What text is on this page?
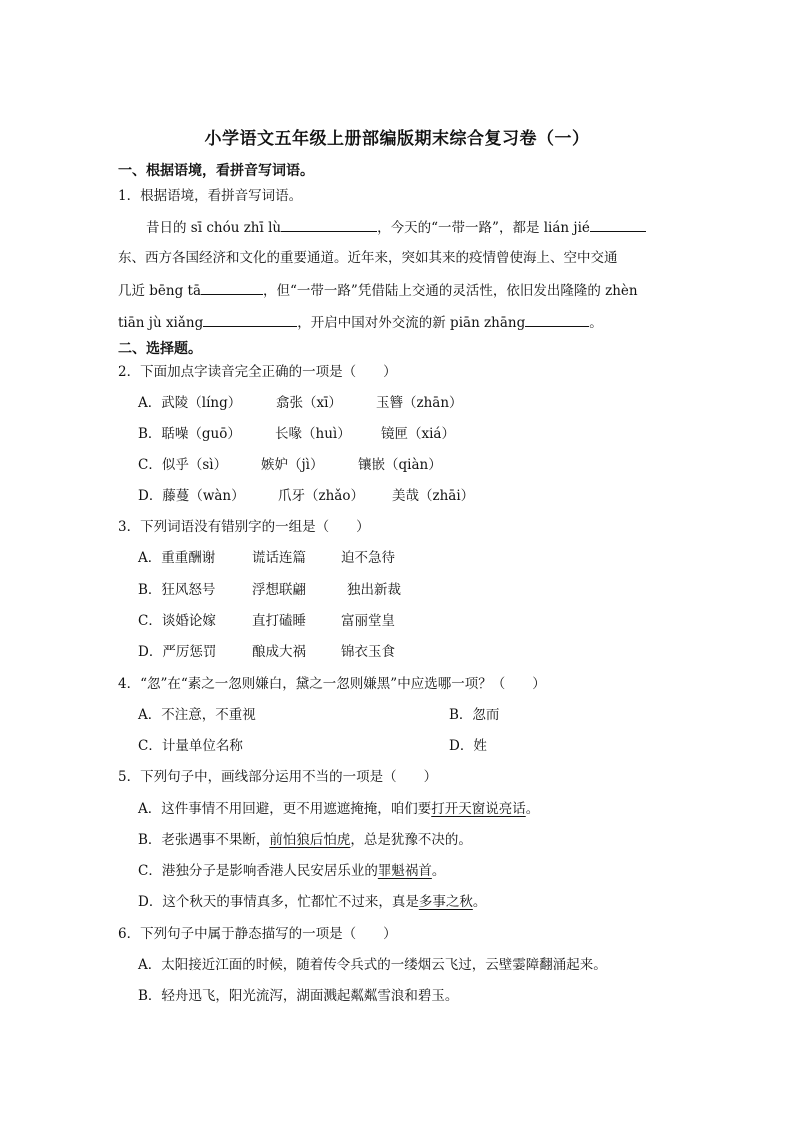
小学语文五年级上册部编版期末综合复习卷（一）
一、根据语境，看拼音写词语。
1．根据语境，看拼音写词语。
昔日的 sī chóu zhī lù	，今天的“一带一路”，都是 lián jié
东、西方各国经济和文化的重要通道。近年来，突如其来的疫情曾使海上、空中交通
几近 bēng tā	，但“一带一路”凭借陆上交通的灵活性，依旧发出隆隆的 zhèn
tiān jù xiǎng	，开启中国对外交流的新 piān zhāng	。
二、选择题。
2．下面加点字读音完全正确的一项是（　　）
A．武陵（líng）	翕张（xī）	玉簪（zhān）
B．聒噪（guō）	长喙（huì） 镜匣（xiá）
C．似乎（sì）	嫉妒（jì）	镶嵌（qiàn）
D．藤蔓（wàn） 爪牙（zhǎo） 美哉（zhāi）
3．下列词语没有错别字的一组是（　　）
A．重重酬谢	谎话连篇	迫不急待
B．狂风怒号	浮想联翩	独出新裁
C．谈婚论嫁	直打磕睡	富丽堂皇
D．严厉惩罚	酿成大祸	锦衣玉食
4．“忽”在“素之一忽则嫌白，黛之一忽则嫌黑”中应选哪一项？（　　）
A．不注意，不重视	B．忽而
C．计量单位名称	D．姓
5．下列句子中，画线部分运用不当的一项是（　　）
A．这件事情不用回避，更不用遮遮掩掩，咱们要打开天窗说亮话。
B．老张遇事不果断，前怕狼后怕虎，总是犹豫不决的。
C．港独分子是影响香港人民安居乐业的罪魁祸首。
D．这个秋天的事情真多，忙都忙不过来，真是多事之秋。
6．下列句子中属于静态描写的一项是（　　）
A．太阳接近江面的时候，随着传令兵式的一缕烟云飞过，云壁霎障翻涌起来。
B．轻舟迅飞，阳光流泻，湖面溅起粼粼雪浪和碧玉。
